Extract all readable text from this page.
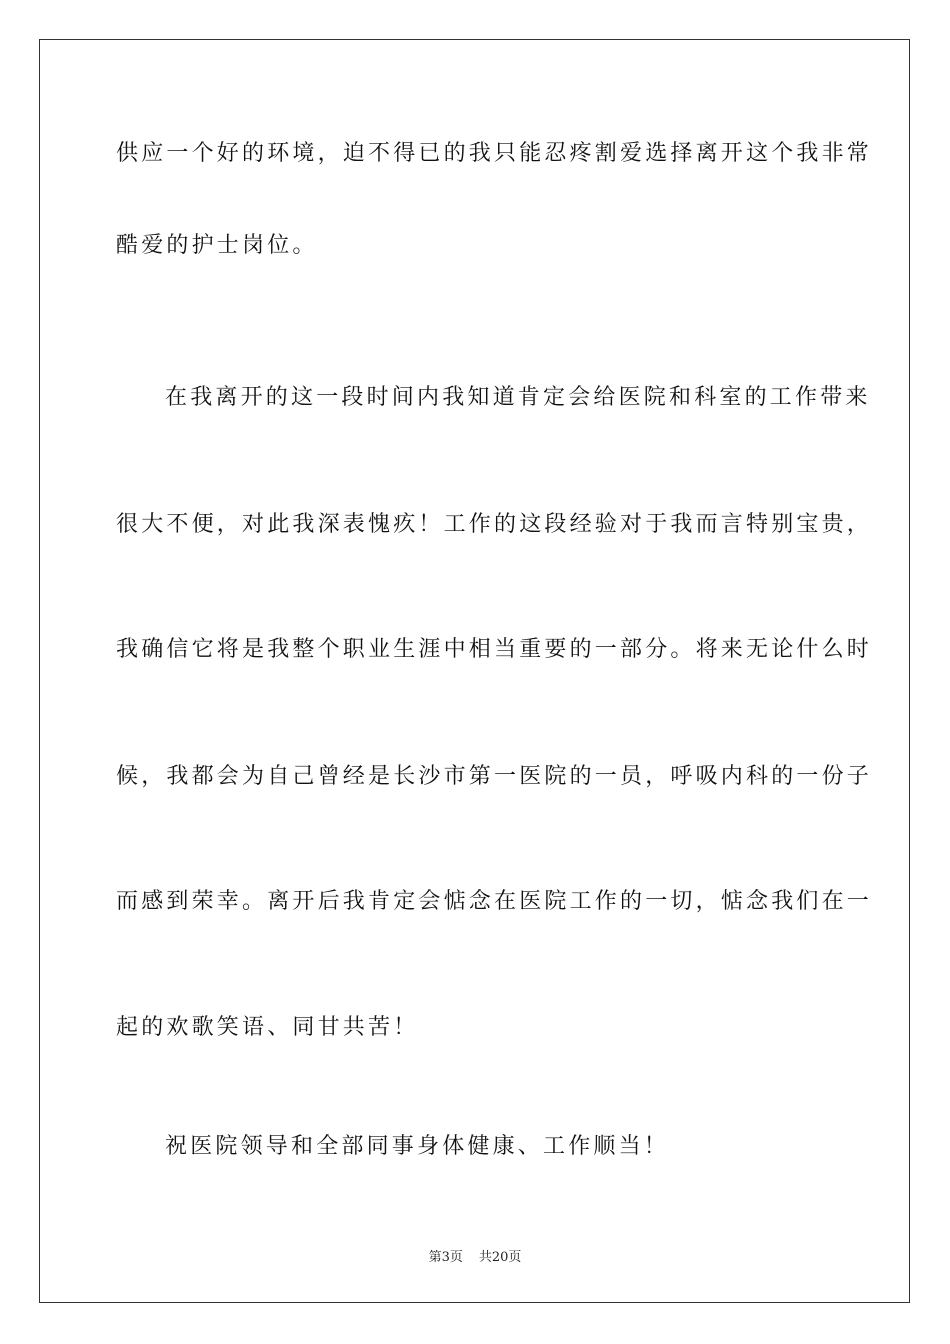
供应一个好的环境，迫不得已的我只能忍疼割爱选择离开这个我非常
酷爱的护士岗位。
在我离开的这一段时间内我知道肯定会给医院和科室的工作带来
很大不便，对此我深表愧疚！工作的这段经验对于我而言特别宝贵，
我确信它将是我整个职业生涯中相当重要的一部分。将来无论什么时
候，我都会为自己曾经是长沙市第一医院的一员，呼吸内科的一份子
而感到荣幸。离开后我肯定会惦念在医院工作的一切，惦念我们在一
起的欢歌笑语、同甘共苦！
祝医院领导和全部同事身体健康、工作顺当！
第3页 共20页
